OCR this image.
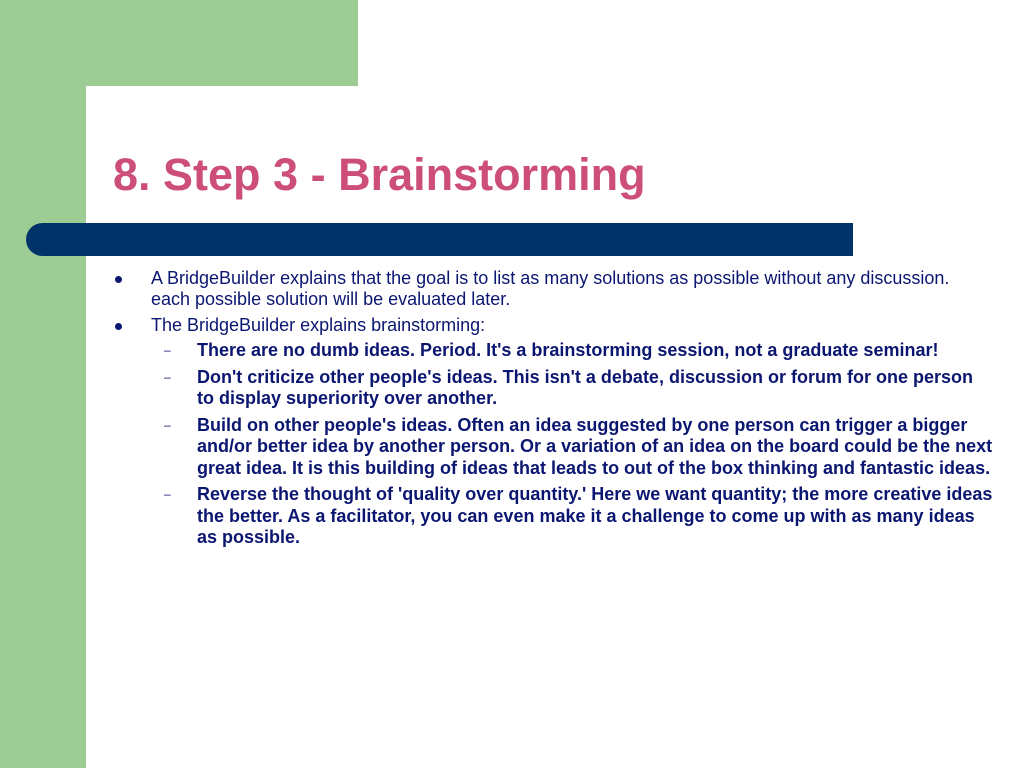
8. Step 3 - Brainstorming
A BridgeBuilder explains that the goal is to list as many solutions as possible without any discussion. each possible solution will be evaluated later.
The BridgeBuilder explains brainstorming:
– There are no dumb ideas. Period. It's a brainstorming session, not a graduate seminar!
– Don't criticize other people's ideas. This isn't a debate, discussion or forum for one person to display superiority over another.
– Build on other people's ideas. Often an idea suggested by one person can trigger a bigger and/or better idea by another person. Or a variation of an idea on the board could be the next great idea. It is this building of ideas that leads to out of the box thinking and fantastic ideas.
– Reverse the thought of 'quality over quantity.' Here we want quantity; the more creative ideas the better. As a facilitator, you can even make it a challenge to come up with as many ideas as possible.
